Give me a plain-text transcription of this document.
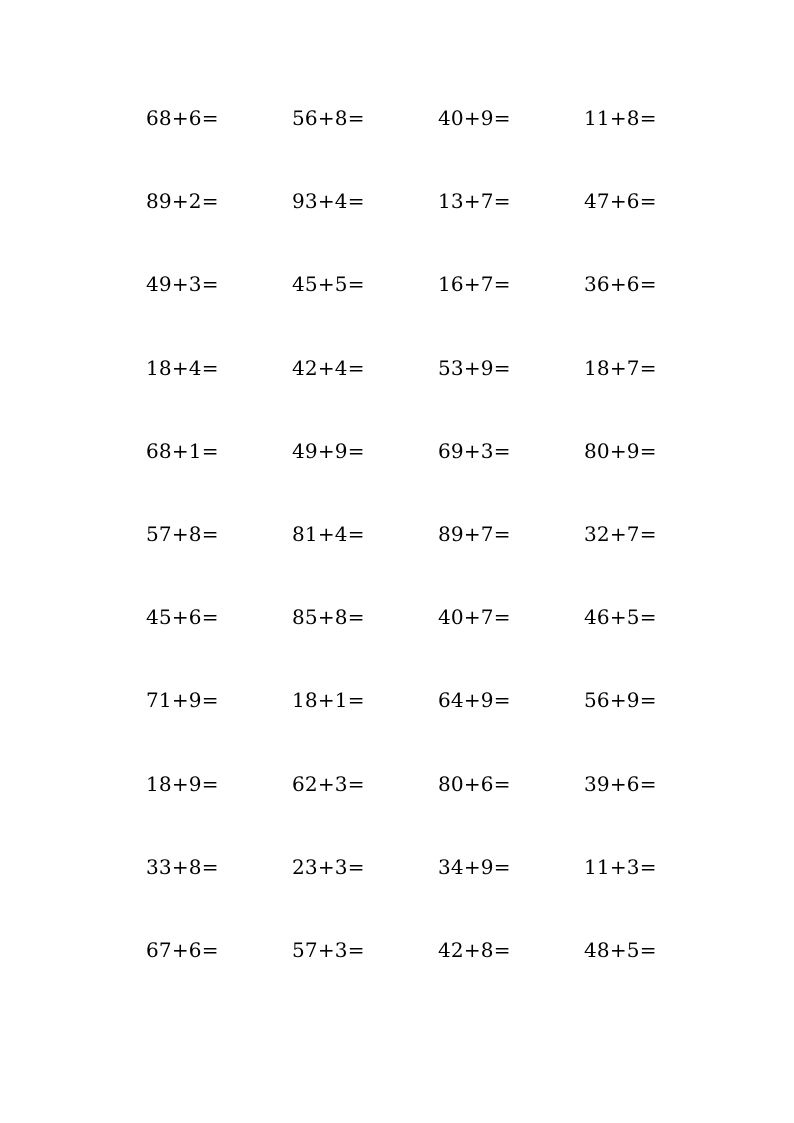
68+6=	56+8=	40+9=	11+8=
89+2=	93+4=	13+7=	47+6=
49+3=	45+5=	16+7=	36+6=
18+4=	42+4=	53+9=	18+7=
68+1=	49+9=	69+3=	80+9=
57+8=	81+4=	89+7=	32+7=
45+6=	85+8=	40+7=	46+5=
71+9=	18+1=	64+9=	56+9=
18+9=	62+3=	80+6=	39+6=
33+8=	23+3=	34+9=	11+3=
67+6=	57+3=	42+8=	48+5=
